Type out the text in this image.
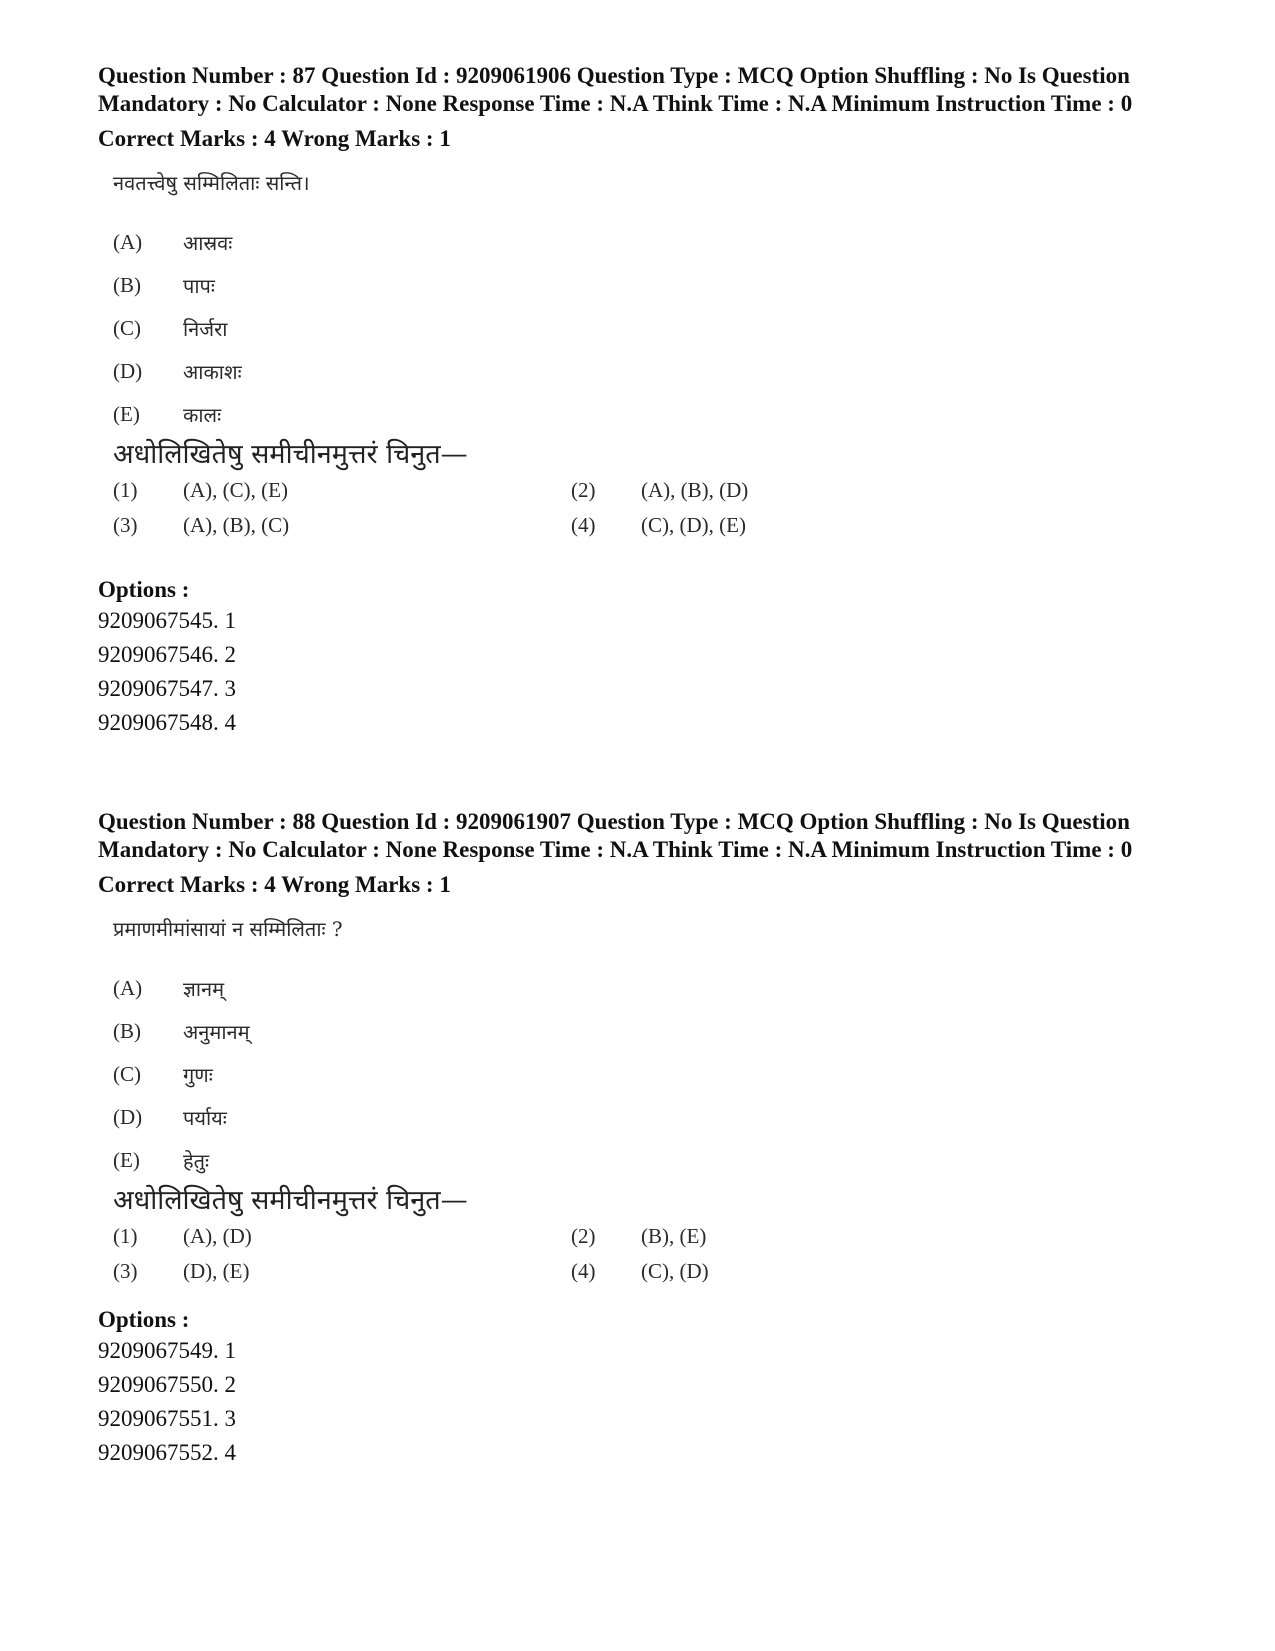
Question Number : 87 Question Id : 9209061906 Question Type : MCQ Option Shuffling : No Is Question Mandatory : No Calculator : None Response Time : N.A Think Time : N.A Minimum Instruction Time : 0

Correct Marks : 4 Wrong Marks : 1
नवतत्त्वेषु सम्मिलिताः सन्ति।
(A)	आस्रवः
(B)	पापः
(C)	निर्जरा
(D)	आकाशः
(E)	कालः
अधोलिखितेषु समीचीनमुत्तरं चिनुत—
(1)	(A), (C), (E)	(2)	(A), (B), (D)
(3)	(A), (B), (C)	(4)	(C), (D), (E)
Options :
9209067545. 1
9209067546. 2
9209067547. 3
9209067548. 4

Question Number : 88 Question Id : 9209061907 Question Type : MCQ Option Shuffling : No Is Question Mandatory : No Calculator : None Response Time : N.A Think Time : N.A Minimum Instruction Time : 0

Correct Marks : 4 Wrong Marks : 1
प्रमाणमीमांसायां न सम्मिलिताः ?
(A)	ज्ञानम्
(B)	अनुमानम्
(C)	गुणः
(D)	पर्यायः
(E)	हेतुः
अधोलिखितेषु समीचीनमुत्तरं चिनुत—
(1)	(A), (D)	(2)	(B), (E)
(3)	(D), (E)	(4)	(C), (D)
Options :
9209067549. 1
9209067550. 2
9209067551. 3
9209067552. 4
